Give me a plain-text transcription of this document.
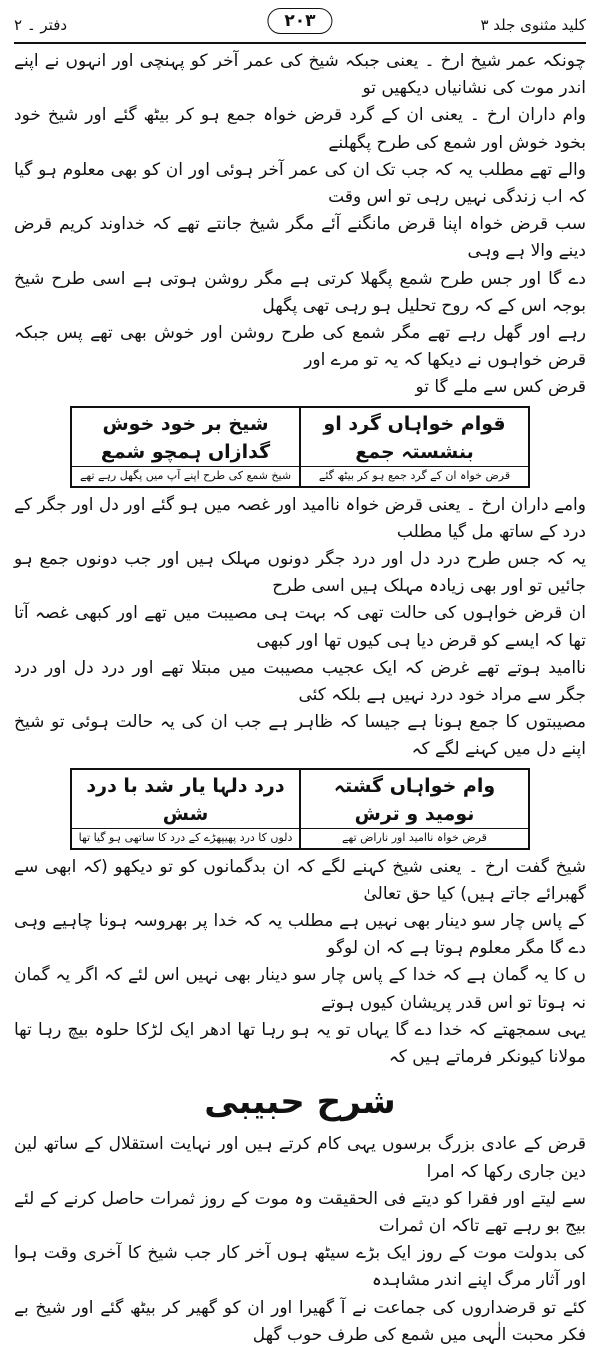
کلید مثنوی جلد ۳
۲۰۳
دفتر ۔ ۲

چونکہ عمر شیخ ارخ ۔ یعنی جبکہ شیخ کی عمر آخر کو پہنچی اور انہوں نے اپنے اندر موت کی نشانیاں دیکھیں تو

وام داران ارخ ۔ یعنی ان کے گرد قرض خواہ جمع ہو کر بیٹھ گئے اور شیخ خود بخود خوش اور شمع کی طرح پگھلنے

والے تھے مطلب یہ کہ جب تک ان کی عمر آخر ہوئی اور ان کو بھی معلوم ہو گیا کہ اب زندگی نہیں رہی تو اس وقت

سب قرض خواہ اپنا قرض مانگنے آئے مگر شیخ جانتے تھے کہ خداوند کریم قرض دینے والا ہے وہی

دے گا اور جس طرح شمع پگھلا کرتی ہے مگر روشن ہوتی ہے اسی طرح شیخ بوجہ اس کے کہ روح تحلیل ہو رہی تھی پگھل

رہے اور گھل رہے تھے مگر شمع کی طرح روشن اور خوش بھی تھے پس جبکہ قرض خواہوں نے دیکھا کہ یہ تو مرے اور

قرض کس سے ملے گا تو

قوام خواہاں گرد او بنشستہ جمع
قرض خواہ ان کے گرد جمع ہو کر بیٹھ گئے
شیخ بر خود خوش گدازاں ہمچو شمع
شیخ شمع کی طرح اپنے آپ میں پگھل رہے تھے

وامے داران ارخ ۔ یعنی قرض خواہ ناامید اور غصہ میں ہو گئے اور دل اور جگر کے درد کے ساتھ مل گیا مطلب

یہ کہ جس طرح درد دل اور درد جگر دونوں مہلک ہیں اور جب دونوں جمع ہو جائیں تو اور بھی زیادہ مہلک ہیں اسی طرح

ان قرض خواہوں کی حالت تھی کہ بہت ہی مصیبت میں تھے اور کبھی غصہ آتا تھا کہ ایسے کو قرض دیا ہی کیوں تھا اور کبھی

ناامید ہوتے تھے غرض کہ ایک عجیب مصیبت میں مبتلا تھے اور درد دل اور درد جگر سے مراد خود درد نہیں ہے بلکہ کئی

مصیبتوں کا جمع ہونا ہے جیسا کہ ظاہر ہے جب ان کی یہ حالت ہوئی تو شیخ اپنے دل میں کہنے لگے کہ

وام خواہاں گشتہ نومید و ترش
قرض خواہ ناامید اور ناراض تھے
درد دلہا یار شد با درد شش
دلوں کا درد پھیپھڑے کے درد کا ساتھی ہو گیا تھا

شیخ گفت ارخ ۔ یعنی شیخ کہنے لگے کہ ان بدگمانوں کو تو دیکھو (کہ ابھی سے گھبرائے جاتے ہیں) کیا حق تعالیٰ

کے پاس چار سو دینار بھی نہیں ہے مطلب یہ کہ خدا پر بھروسہ ہونا چاہیے وہی دے گا مگر معلوم ہوتا ہے کہ ان لوگو

ں کا یہ گمان ہے کہ خدا کے پاس چار سو دینار بھی نہیں اس لئے کہ اگر یہ گمان نہ ہوتا تو اس قدر پریشان کیوں ہوتے

یہی سمجھتے کہ خدا دے گا یہاں تو یہ ہو رہا تھا ادھر ایک لڑکا حلوہ بیچ رہا تھا مولانا کیونکر فرماتے ہیں کہ

شرح حبیبی

قرض کے عادی بزرگ برسوں یہی کام کرتے ہیں اور نہایت استقلال کے ساتھ لین دین جاری رکھا کہ امرا

سے لیتے اور فقرا کو دیتے فی الحقیقت وہ موت کے روز ثمرات حاصل کرنے کے لئے بیج بو رہے تھے تاکہ ان ثمرات

کی بدولت موت کے روز ایک بڑے سیٹھ ہوں آخر کار جب شیخ کا آخری وقت ہوا اور آثار مرگ اپنے اندر مشاہدہ

کئے تو قرضداروں کی جماعت نے آ گھیرا اور ان کو گھیر کر بیٹھ گئے اور شیخ بے فکر محبت الٰہی میں شمع کی طرف حوب گھل
